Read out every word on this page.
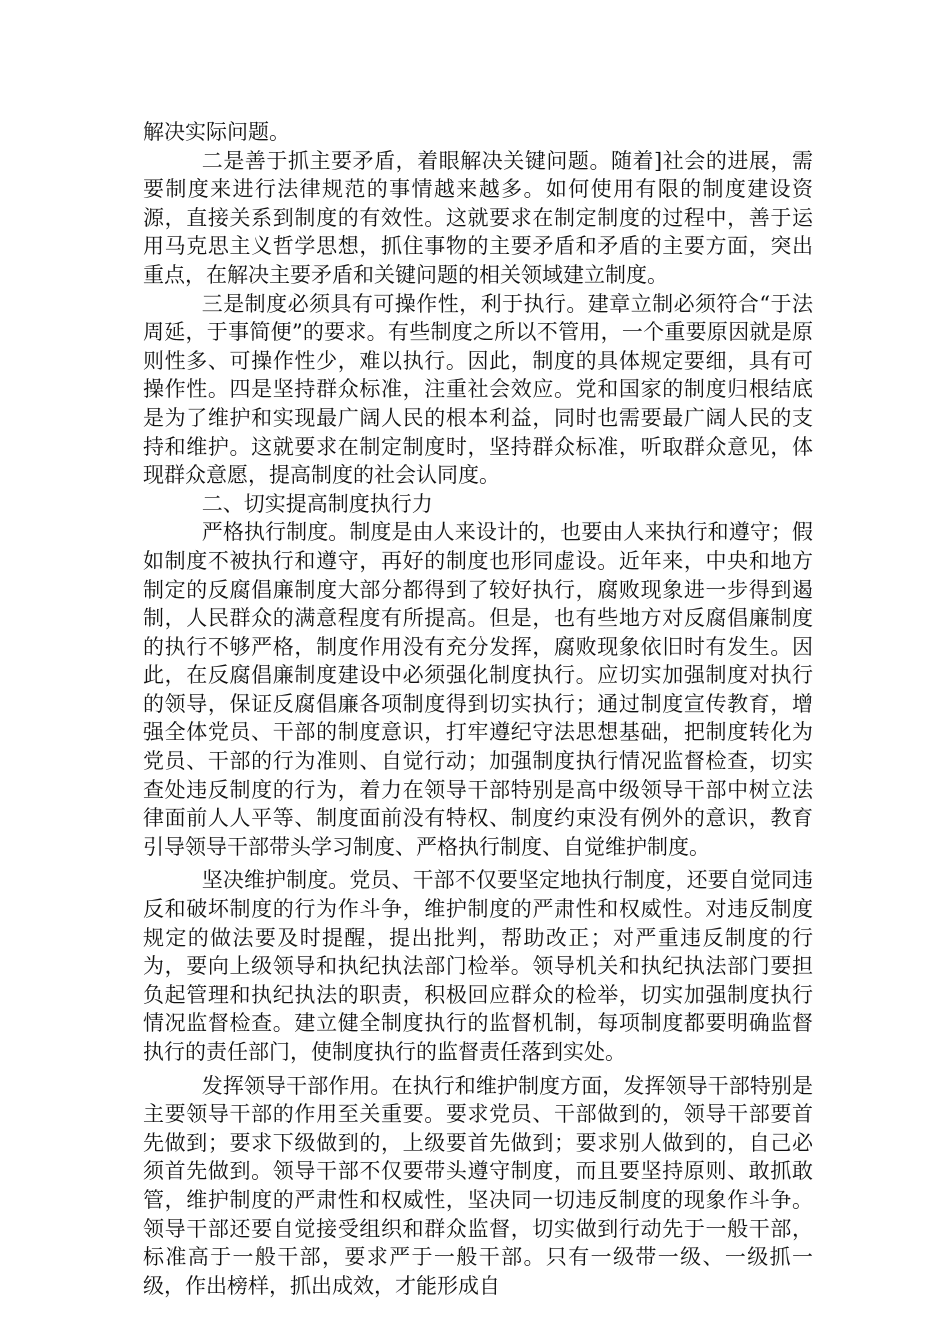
解决实际问题。

二是善于抓主要矛盾，着眼解决关键问题。随着]社会的进展，需要制度来进行法律规范的事情越来越多。如何使用有限的制度建设资源，直接关系到制度的有效性。这就要求在制定制度的过程中，善于运用马克思主义哲学思想，抓住事物的主要矛盾和矛盾的主要方面，突出重点，在解决主要矛盾和关键问题的相关领域建立制度。

三是制度必须具有可操作性，利于执行。建章立制必须符合“于法周延，于事简便”的要求。有些制度之所以不管用，一个重要原因就是原则性多、可操作性少，难以执行。因此，制度的具体规定要细，具有可操作性。四是坚持群众标准，注重社会效应。党和国家的制度归根结底是为了维护和实现最广阔人民的根本利益，同时也需要最广阔人民的支持和维护。这就要求在制定制度时，坚持群众标准，听取群众意见，体现群众意愿，提高制度的社会认同度。

二、切实提高制度执行力

严格执行制度。制度是由人来设计的，也要由人来执行和遵守；假如制度不被执行和遵守，再好的制度也形同虚设。近年来，中央和地方制定的反腐倡廉制度大部分都得到了较好执行，腐败现象进一步得到遏制，人民群众的满意程度有所提高。但是，也有些地方对反腐倡廉制度的执行不够严格，制度作用没有充分发挥，腐败现象依旧时有发生。因此，在反腐倡廉制度建设中必须强化制度执行。应切实加强制度对执行的领导，保证反腐倡廉各项制度得到切实执行；通过制度宣传教育，增强全体党员、干部的制度意识，打牢遵纪守法思想基础，把制度转化为党员、干部的行为准则、自觉行动；加强制度执行情况监督检查，切实查处违反制度的行为，着力在领导干部特别是高中级领导干部中树立法律面前人人平等、制度面前没有特权、制度约束没有例外的意识，教育引导领导干部带头学习制度、严格执行制度、自觉维护制度。

坚决维护制度。党员、干部不仅要坚定地执行制度，还要自觉同违反和破坏制度的行为作斗争，维护制度的严肃性和权威性。对违反制度规定的做法要及时提醒，提出批判，帮助改正；对严重违反制度的行为，要向上级领导和执纪执法部门检举。领导机关和执纪执法部门要担负起管理和执纪执法的职责，积极回应群众的检举，切实加强制度执行情况监督检查。建立健全制度执行的监督机制，每项制度都要明确监督执行的责任部门，使制度执行的监督责任落到实处。

发挥领导干部作用。在执行和维护制度方面，发挥领导干部特别是主要领导干部的作用至关重要。要求党员、干部做到的，领导干部要首先做到；要求下级做到的，上级要首先做到；要求别人做到的，自己必须首先做到。领导干部不仅要带头遵守制度，而且要坚持原则、敢抓敢管，维护制度的严肃性和权威性，坚决同一切违反制度的现象作斗争。领导干部还要自觉接受组织和群众监督，切实做到行动先于一般干部，标准高于一般干部，要求严于一般干部。只有一级带一级、一级抓一级，作出榜样，抓出成效，才能形成自
